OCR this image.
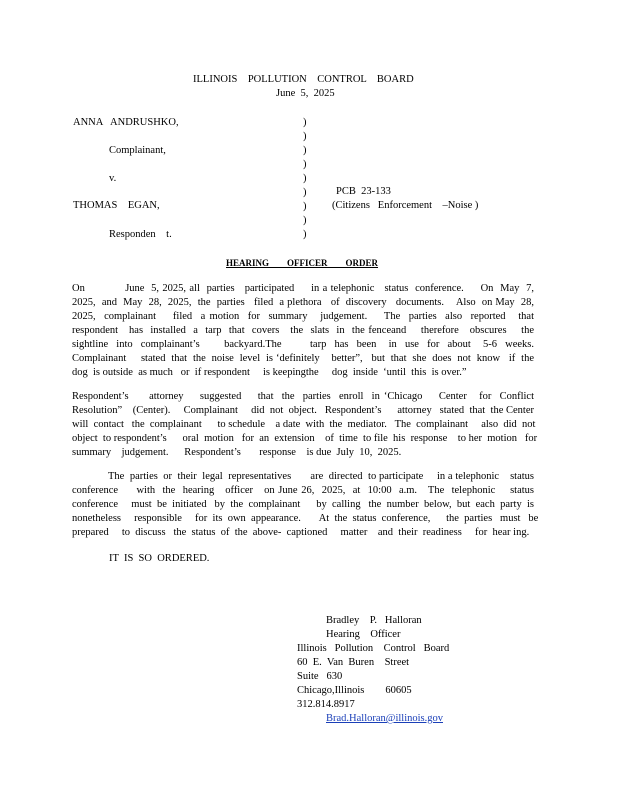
ILLINOIS    POLLUTION    CONTROL    BOARD
June  5,  2025
ANNA   ANDRUSHKO,
Complainant,
v.
THOMAS    EGAN,
Responden    t.
)
)
)
)
)
)
)
)
)
PCB  23-133
(Citizens   Enforcement    –Noise )
HEARING        OFFICER        ORDER
On            June  5, 2025, all  parties   participated     in a telephonic   status  conference.     On  May  7,
2025,  and  May  28,  2025,  the  parties   filed  a plethora   of  discovery   documents.    Also  on May  28,
2025,  complainant    filed  a motion  for  summary   judgement.    The  parties  also  reported   that
respondent   has  installed  a  tarp  that  covers   the  slats  in  the fenceand    therefore   obscures    the
sightline  into  complainant’s      backyard.The       tarp  has  been   in  use  for  about   5-6  weeks.
Complainant     stated  that  the  noise  level  is ‘definitely    better”,   but  that  she  does  not  know   if  the
dog  is outside  as much   or  if respondent     is keepingthe     dog  inside  ‘until  this  is over.”
Respondent’s     attorney    suggested    that  the  parties  enroll  in ‘Chicago    Center   for  Conflict
Resolution”    (Center).     Complainant     did  not  object.   Respondent’s      attorney   stated  that  the Center
will  contact   the  complainant      to schedule    a date  with  the  mediator.   The  complainant     also  did  not
object  to respondent’s      oral  motion   for  an  extension    of  time  to file  his  response    to her  motion   for
summary    judgement.      Respondent’s       response    is due  July  10,  2025.
The  parties  or  their  legal  representatives       are  directed  to participate     in a telephonic    status
conference     with  the  hearing   officer   on June 26,  2025,  at  10:00  a.m.   The  telephonic    status
conference     must  be  initiated   by  the  complainant      by  calling   the  number  below,  but  each  party  is
nonetheless     responsible     for  its  own  appearance.       At  the  status  conference,      the  parties   must   be
prepared     to  discuss   the  status  of  the  above-  captioned     matter    and  their  readiness     for  hear ing.
IT  IS  SO  ORDERED.
Bradley    P.   Halloran
Hearing    Officer
Illinois   Pollution    Control   Board
60  E.  Van  Buren    Street
Suite   630
Chicago,Illinois        60605
312.814.8917
Brad.Halloran@illinois.gov
